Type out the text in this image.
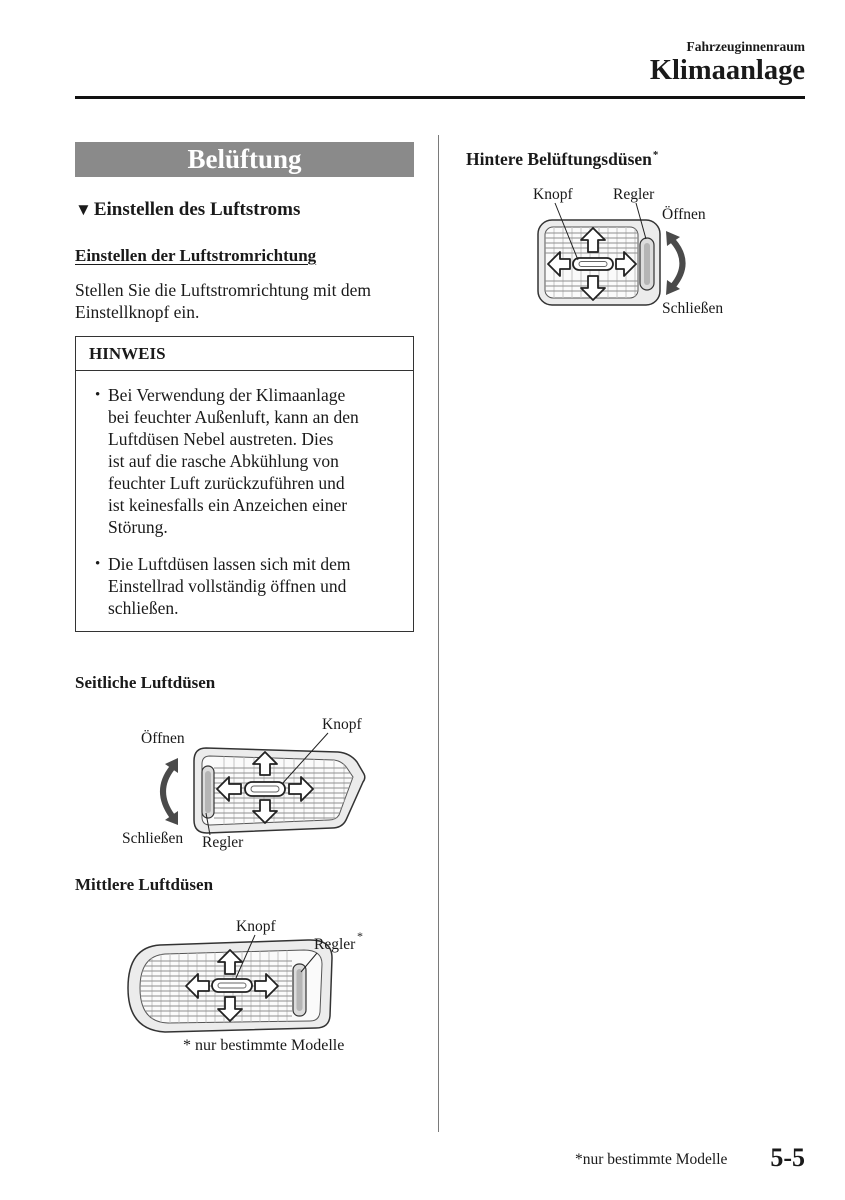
Fahrzeuginnenraum
Klimaanlage
Belüftung
▼ Einstellen des Luftstroms
Einstellen der Luftstromrichtung
Stellen Sie die Luftstromrichtung mit dem
Einstellknopf ein.
HINWEIS
• Bei Verwendung der Klimaanlage
bei feuchter Außenluft, kann an den
Luftdüsen Nebel austreten. Dies
ist auf die rasche Abkühlung von
feuchter Luft zurückzuführen und
ist keinesfalls ein Anzeichen einer
Störung.
• Die Luftdüsen lassen sich mit dem
Einstellrad vollständig öffnen und
schließen.
Seitliche Luftdüsen
Knopf
Öffnen
Schließen Regler
Mittlere Luftdüsen
Knopf
Regler *
* nur bestimmte Modelle
Hintere Belüftungsdüsen*
Knopf	Regler
Öffnen
Schließen
*nur bestimmte Modelle 5-5
